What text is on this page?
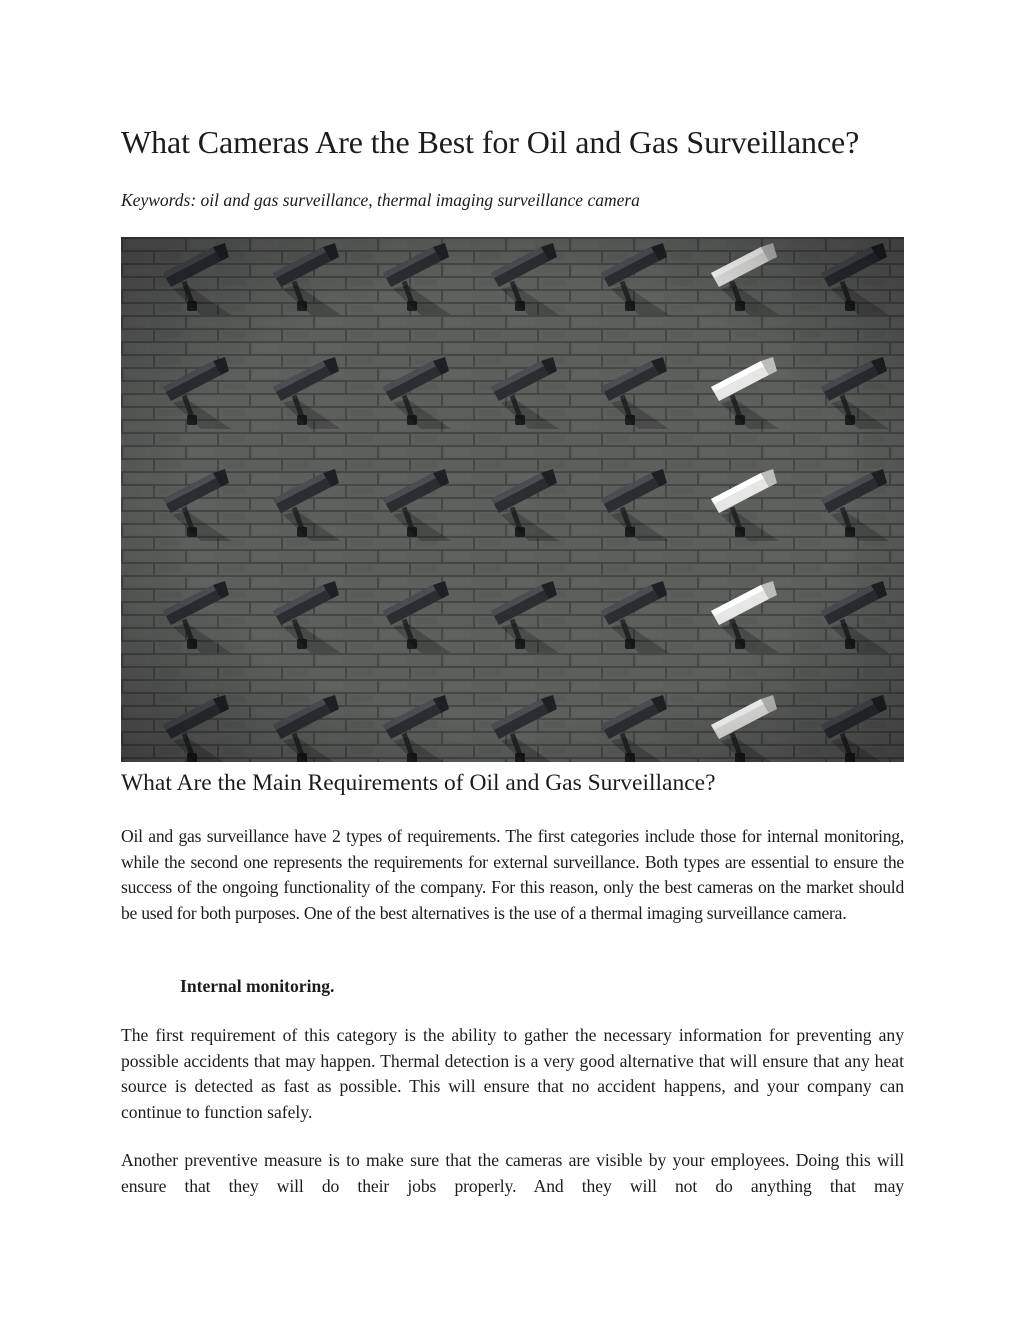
What Cameras Are the Best for Oil and Gas Surveillance?

Keywords: oil and gas surveillance, thermal imaging surveillance camera

What Are the Main Requirements of Oil and Gas Surveillance?

Oil and gas surveillance have 2 types of requirements. The first categories include those for internal monitoring, while the second one represents the requirements for external surveillance. Both types are essential to ensure the success of the ongoing functionality of the company. For this reason, only the best cameras on the market should be used for both purposes. One of the best alternatives is the use of a thermal imaging surveillance camera.

Internal monitoring.

The first requirement of this category is the ability to gather the necessary information for preventing any possible accidents that may happen. Thermal detection is a very good alternative that will ensure that any heat source is detected as fast as possible. This will ensure that no accident happens, and your company can continue to function safely.

Another preventive measure is to make sure that the cameras are visible by your employees. Doing this will ensure that they will do their jobs properly. And they will not do anything that may
